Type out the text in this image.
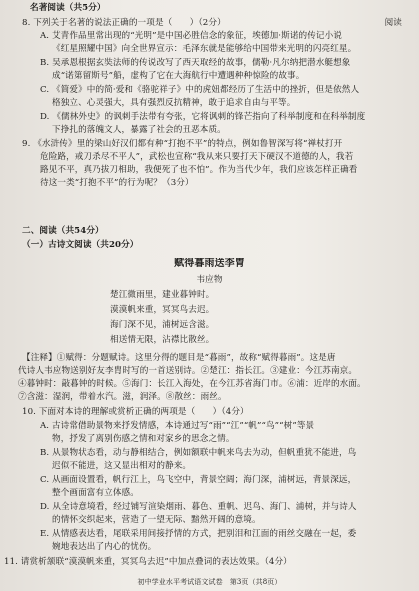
名著阅读（共5分）
8. 下列关于名著的说法正确的一项是（　　）（2分）	阅读
A. 艾青作品里常出现的“光明”是中国必胜信念的象征，埃德加·斯诺的传记小说
《红星照耀中国》向全世界宣示：毛泽东就是能够给中国带来光明的闪亮红星。
B. 吴承恩根据玄奘法师的传说改写了西天取经的故事，儒勒·凡尔纳把潜水艇想象
成“诺第留斯号”船，虚构了它在大海航行中遭遇种种惊险的故事。
C. 《简爱》中的简·爱和《骆驼祥子》中的虎妞都经历了生活中的挫折，但是依然人
格独立、心灵强大，具有强烈反抗精神，敢于追求自由与平等。
D. 《儒林外史》的讽刺手法带有夸张，它将讽刺的锋芒指向了科举制度和在科举制度
下挣扎的落魄文人，暴露了社会的丑恶本质。
9. 《水浒传》里的梁山好汉们都有种“打抱不平”的特点，例如鲁智深写将“禅杖打开
危险路，戒刀杀尽不平人”，武松也宣称“我从来只要打天下硬汉不道德的人，我若
路见不平，真乃拔刀相助，我便死了也不怕”。作为当代少年，我们应该怎样正确看
待这一类“打抱不平”的行为呢？（3分）
二、阅读（共54分）
（一）古诗文阅读（共20分）
赋得暮雨送李胄
韦应物
楚江微雨里，建业暮钟时。
漠漠帆来重，冥冥鸟去迟。
海门深不见，浦树远含滋。
相送情无限，沾襟比散丝。
【注释】①赋得：分题赋诗。这里分得的题目是“暮雨”，故称“赋得暮雨”。这是唐
代诗人韦应物送别好友李胄时写的一首送别诗。②楚江：指长江。③建业：今江苏南京。
④暮钟时：敲暮钟的时候。⑤海门：长江入海处，在今江苏省海门市。⑥浦：近岸的水面。
⑦含滋：湿润，带着水汽。滋，润泽。⑧散丝：雨丝。
10. 下面对本诗的理解或赏析正确的两项是（　　）（4分）
A. 古诗常借助景物来抒发情感，本诗通过写“雨”“江”“帆”“鸟”“树”等景
物，抒发了离别伤感之情和对家乡的思念之情。
B. 从景物状态看，动与静相结合，例如额联中帆来鸟去为动，但帆重犹不能进，鸟
迟似不能进，这又显出相对的静来。
C. 从画面设置看，帆行江上，鸟飞空中，背景空阔；海门深，浦树远，背景深远，
整个画面富有立体感。
D. 从全诗意境看，经过铺写渲染烟雨、暮色、重帆、迟鸟、海门、浦树，并与诗人
的情怀交织起来，营造了一望无际、黯然开阔的意境。
E. 从情感表达看，尾联采用间接抒情的方式，把别泪和江面的雨丝交融在一起，委
婉地表达出了内心的忧伤。
11. 请赏析颔联“漠漠帆来重，冥冥鸟去迟”中加点叠词的表达效果。（4分）
初中学业水平考试语文试卷　第3页（共8页）
